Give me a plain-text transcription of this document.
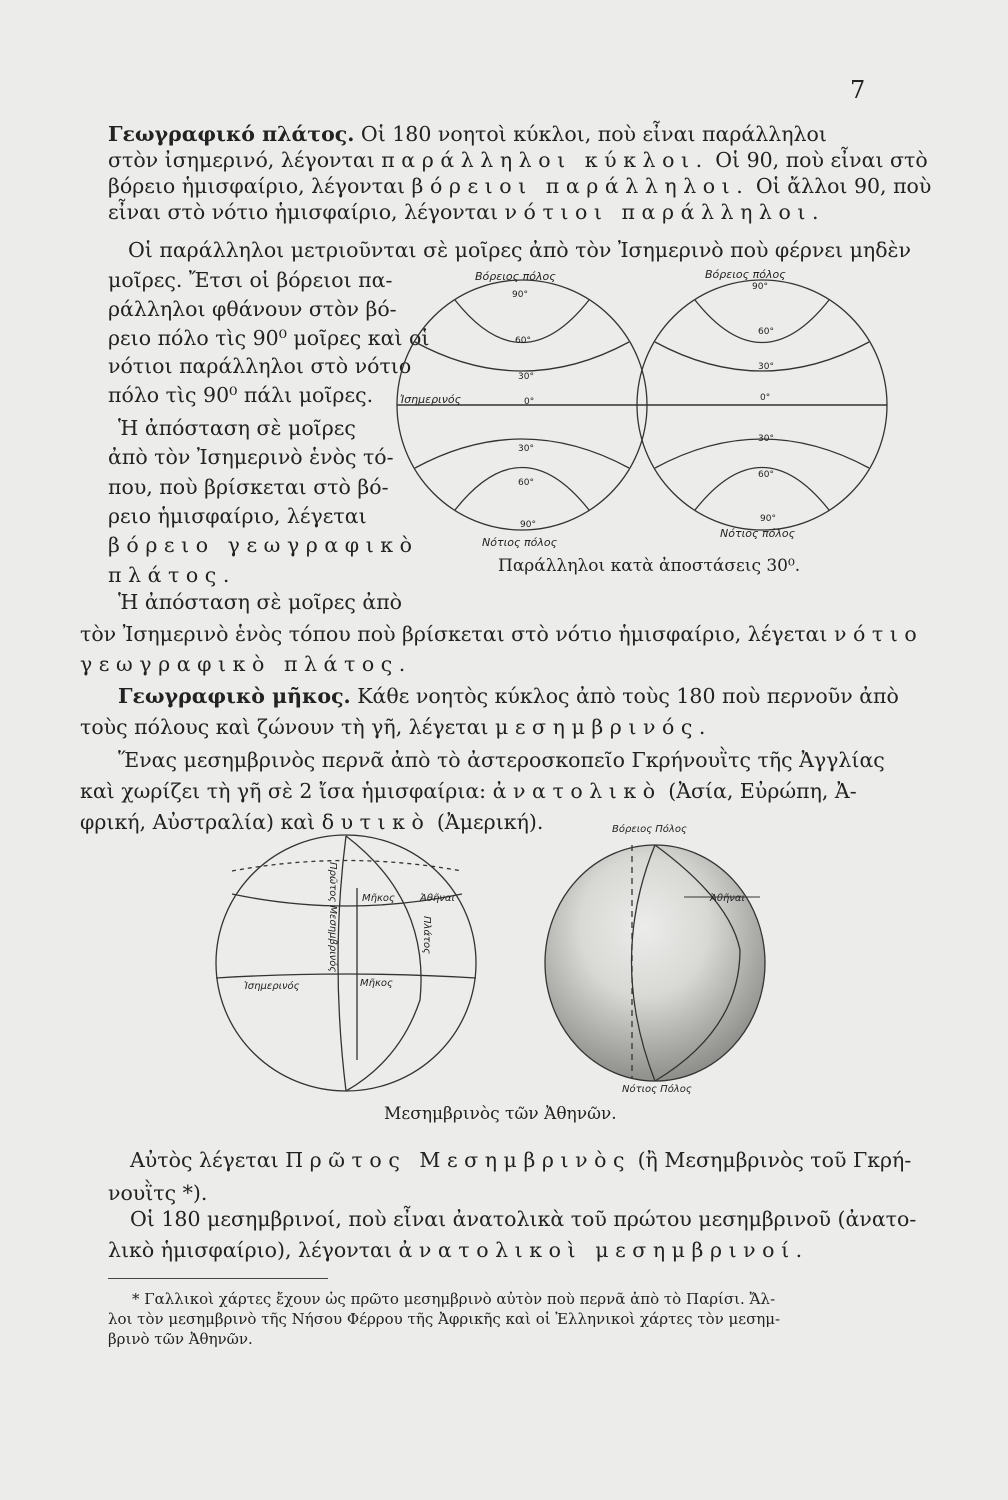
7
Γεωγραφικό πλάτος. Οἱ 180 νοητοὶ κύκλοι, ποὺ εἶναι παράλληλοι
στὸν ἰσημερινό, λέγονται παράλληλοι κύκλοι. Οἱ 90, ποὺ εἶναι στὸ
βόρειο ἡμισφαίριο, λέγονται βόρειοι παράλληλοι. Οἱ ἄλλοι 90, ποὺ
εἶναι στὸ νότιο ἡμισφαίριο, λέγονται νότιοι παράλληλοι.
Οἱ παράλληλοι μετριοῦνται σὲ μοῖρες ἀπὸ τὸν Ἰσημερινὸ ποὺ φέρνει μηδὲν
μοῖρες. Ἔτσι οἱ βόρειοι πα-
ράλληλοι φθάνουν στὸν βό-
ρειο πόλο τὶς 90⁰ μοῖρες καὶ οἱ
νότιοι παράλληλοι στὸ νότιο
πόλο τὶς 90⁰ πάλι μοῖρες.
Ἡ ἀπόσταση σὲ μοῖρες
ἀπὸ τὸν Ἰσημερινὸ ἑνὸς τό-
που, ποὺ βρίσκεται στὸ βό-
ρειο ἡμισφαίριο, λέγεται
βόρειο γεωγραφικὸ
πλάτος.
Βόρειος πόλος	Βόρειος πόλος
Ἰσημερινός
Νότιος πόλος
Νότιος πόλος
90°
60°
30°
0°
30°
60°
90°
90°
60°
30°
0°
30°
60°
90°
Παράλληλοι κατὰ ἀποστάσεις 30⁰.
Ἡ ἀπόσταση σὲ μοῖρες ἀπὸ
τὸν Ἰσημερινὸ ἑνὸς τόπου ποὺ βρίσκεται στὸ νότιο ἡμισφαίριο, λέγεται νότιο
γεωγραφικὸ πλάτος.
Γεωγραφικὸ μῆκος. Κάθε νοητὸς κύκλος ἀπὸ τοὺς 180 ποὺ περνοῦν ἀπὸ
τοὺς πόλους καὶ ζώνουν τὴ γῆ, λέγεται μεσημβρινός.
Ἕνας μεσημβρινὸς περνᾶ ἀπὸ τὸ ἀστεροσκοπεῖο Γκρήνουῒτς τῆς Ἀγγλίας
καὶ χωρίζει τὴ γῆ σὲ 2 ἴσα ἡμισφαίρια: ἀνατολικὸ (Ἀσία, Εὐρώπη, Ἀ-
φρική, Αὐστραλία) καὶ δυτικὸ (Ἀμερική).
Πρῶτος Μεσημβρινός Μῆκος	Ἀθῆναι
Πλάτος
Ἰσημερινός	Μῆκος
Βόρειος Πόλος
Ἀθῆναι
Νότιος Πόλος
Μεσημβρινὸς τῶν Ἀθηνῶν.
Αὐτὸς λέγεται Πρῶτος Μεσημβρινὸς (ἢ Μεσημβρινὸς τοῦ Γκρή-
νουῒτς *).
Οἱ 180 μεσημβρινοί, ποὺ εἶναι ἀνατολικὰ τοῦ πρώτου μεσημβρινοῦ (ἀνατο-
λικὸ ἡμισφαίριο), λέγονται ἀνατολικοὶ μεσημβρινοί.
* Γαλλικοὶ χάρτες ἔχουν ὡς πρῶτο μεσημβρινὸ αὐτὸν ποὺ περνᾶ ἀπὸ τὸ Παρίσι. Ἄλ-
λοι τὸν μεσημβρινὸ τῆς Νήσου Φέρρου τῆς Ἀφρικῆς καὶ οἱ Ἑλληνικοὶ χάρτες τὸν μεσημ-
βρινὸ τῶν Ἀθηνῶν.
